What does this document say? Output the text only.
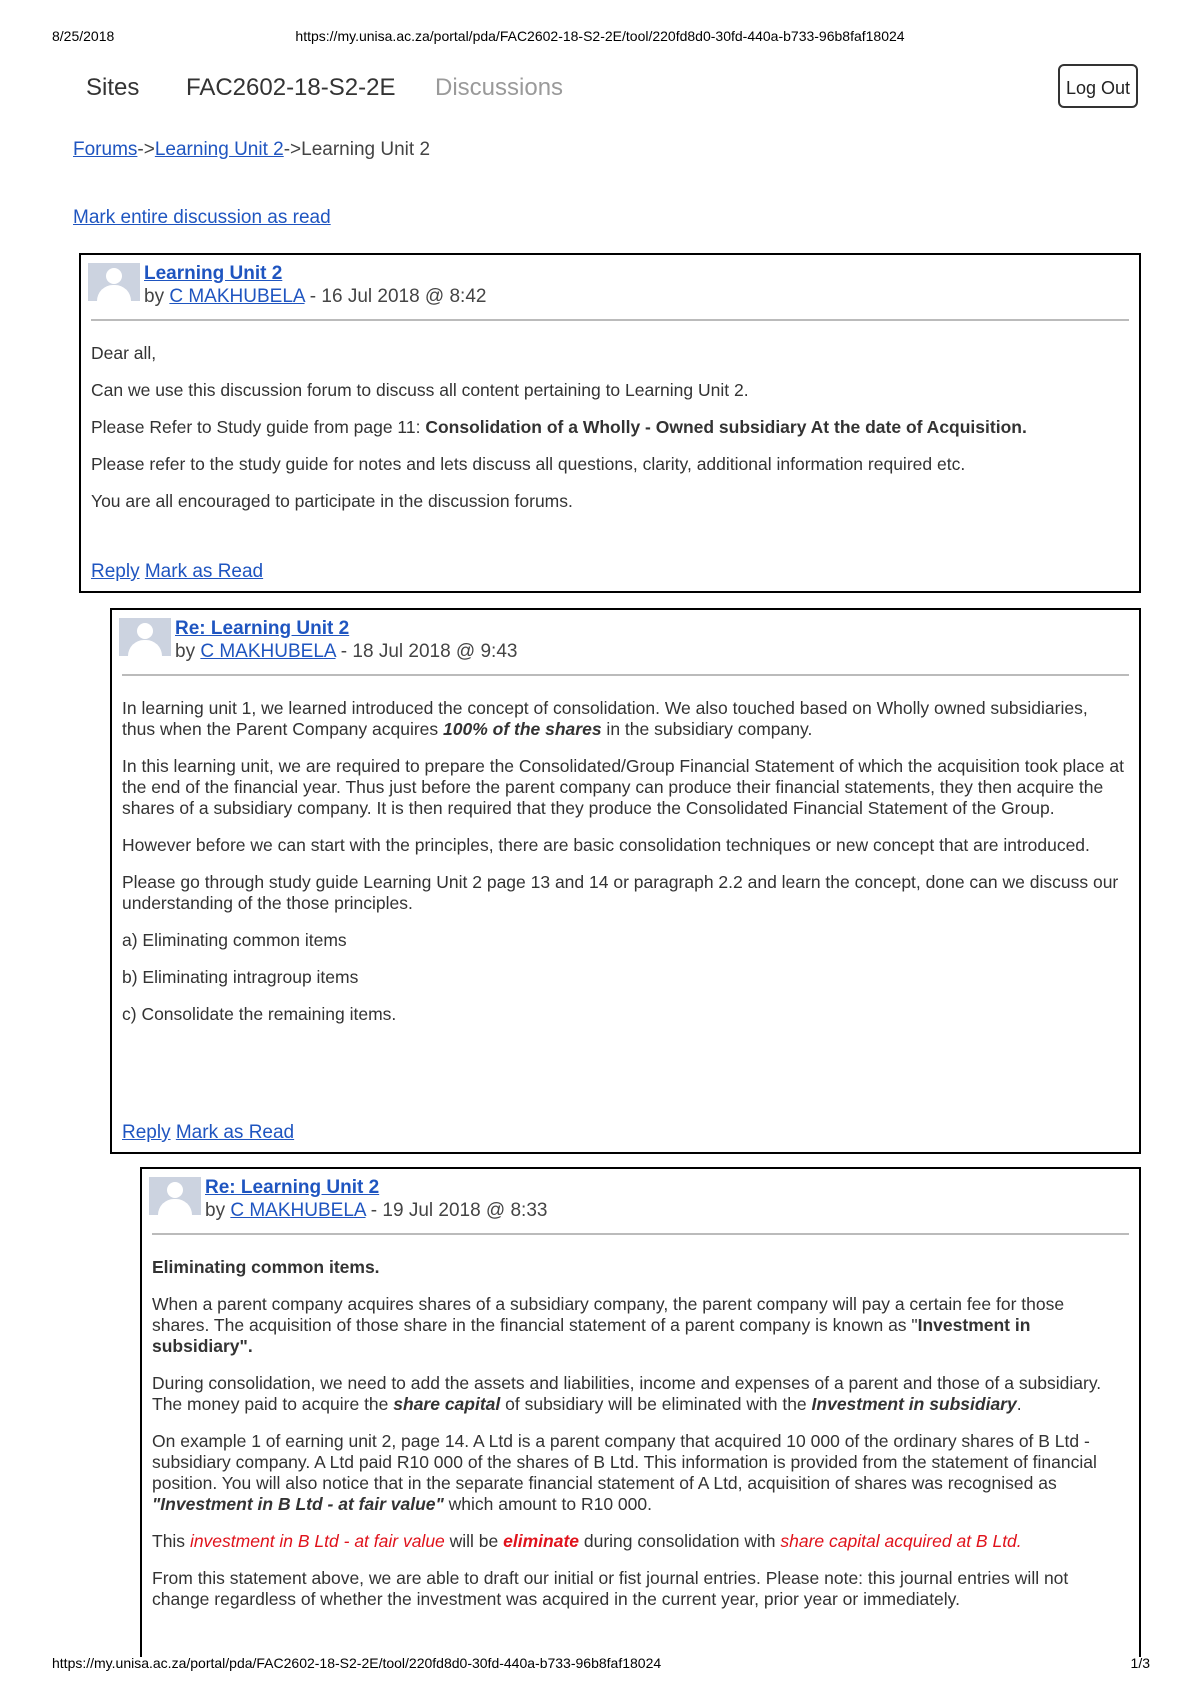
https://my.unisa.ac.za/portal/pda/FAC2602-18-S2-2E/tool/220fd8d0-30fd-440a-b733-96b8faf18024
8/25/2018
Sites FAC2602-18-S2-2E Discussions	Log Out
Forums->Learning Unit 2->Learning Unit 2
Mark entire discussion as read
Learning Unit 2
by C MAKHUBELA - 16 Jul 2018 @ 8:42

Dear all,

Can we use this discussion forum to discuss all content pertaining to Learning Unit 2.

Please Refer to Study guide from page 11: Consolidation of a Wholly - Owned subsidiary At the date of Acquisition.

Please refer to the study guide for notes and lets discuss all questions, clarity, additional information required etc.

You are all encouraged to participate in the discussion forums.

Reply Mark as Read
Re: Learning Unit 2
by C MAKHUBELA - 18 Jul 2018 @ 9:43

In learning unit 1, we learned introduced the concept of consolidation. We also touched based on Wholly owned subsidiaries, thus when the Parent Company acquires 100% of the shares in the subsidiary company.

In this learning unit, we are required to prepare the Consolidated/Group Financial Statement of which the acquisition took place at the end of the financial year. Thus just before the parent company can produce their financial statements, they then acquire the shares of a subsidiary company. It is then required that they produce the Consolidated Financial Statement of the Group.

However before we can start with the principles, there are basic consolidation techniques or new concept that are introduced.

Please go through study guide Learning Unit 2 page 13 and 14 or paragraph 2.2 and learn the concept, done can we discuss our understanding of the those principles.

a) Eliminating common items

b) Eliminating intragroup items

c) Consolidate the remaining items.

Reply Mark as Read
Re: Learning Unit 2
by C MAKHUBELA - 19 Jul 2018 @ 8:33

Eliminating common items.

When a parent company acquires shares of a subsidiary company, the parent company will pay a certain fee for those shares. The acquisition of those share in the financial statement of a parent company is known as "Investment in subsidiary".

During consolidation, we need to add the assets and liabilities, income and expenses of a parent and those of a subsidiary. The money paid to acquire the share capital of subsidiary will be eliminated with the Investment in subsidiary.

On example 1 of earning unit 2, page 14. A Ltd is a parent company that acquired 10 000 of the ordinary shares of B Ltd - subsidiary company. A Ltd paid R10 000 of the shares of B Ltd. This information is provided from the statement of financial position. You will also notice that in the separate financial statement of A Ltd, acquisition of shares was recognised as "Investment in B Ltd - at fair value" which amount to R10 000.

This investment in B Ltd - at fair value will be eliminate during consolidation with share capital acquired at B Ltd.

From this statement above, we are able to draft our initial or fist journal entries. Please note: this journal entries will not change regardless of whether the investment was acquired in the current year, prior year or immediately.

https://my.unisa.ac.za/portal/pda/FAC2602-18-S2-2E/tool/220fd8d0-30fd-440a-b733-96b8faf18024	1/3
